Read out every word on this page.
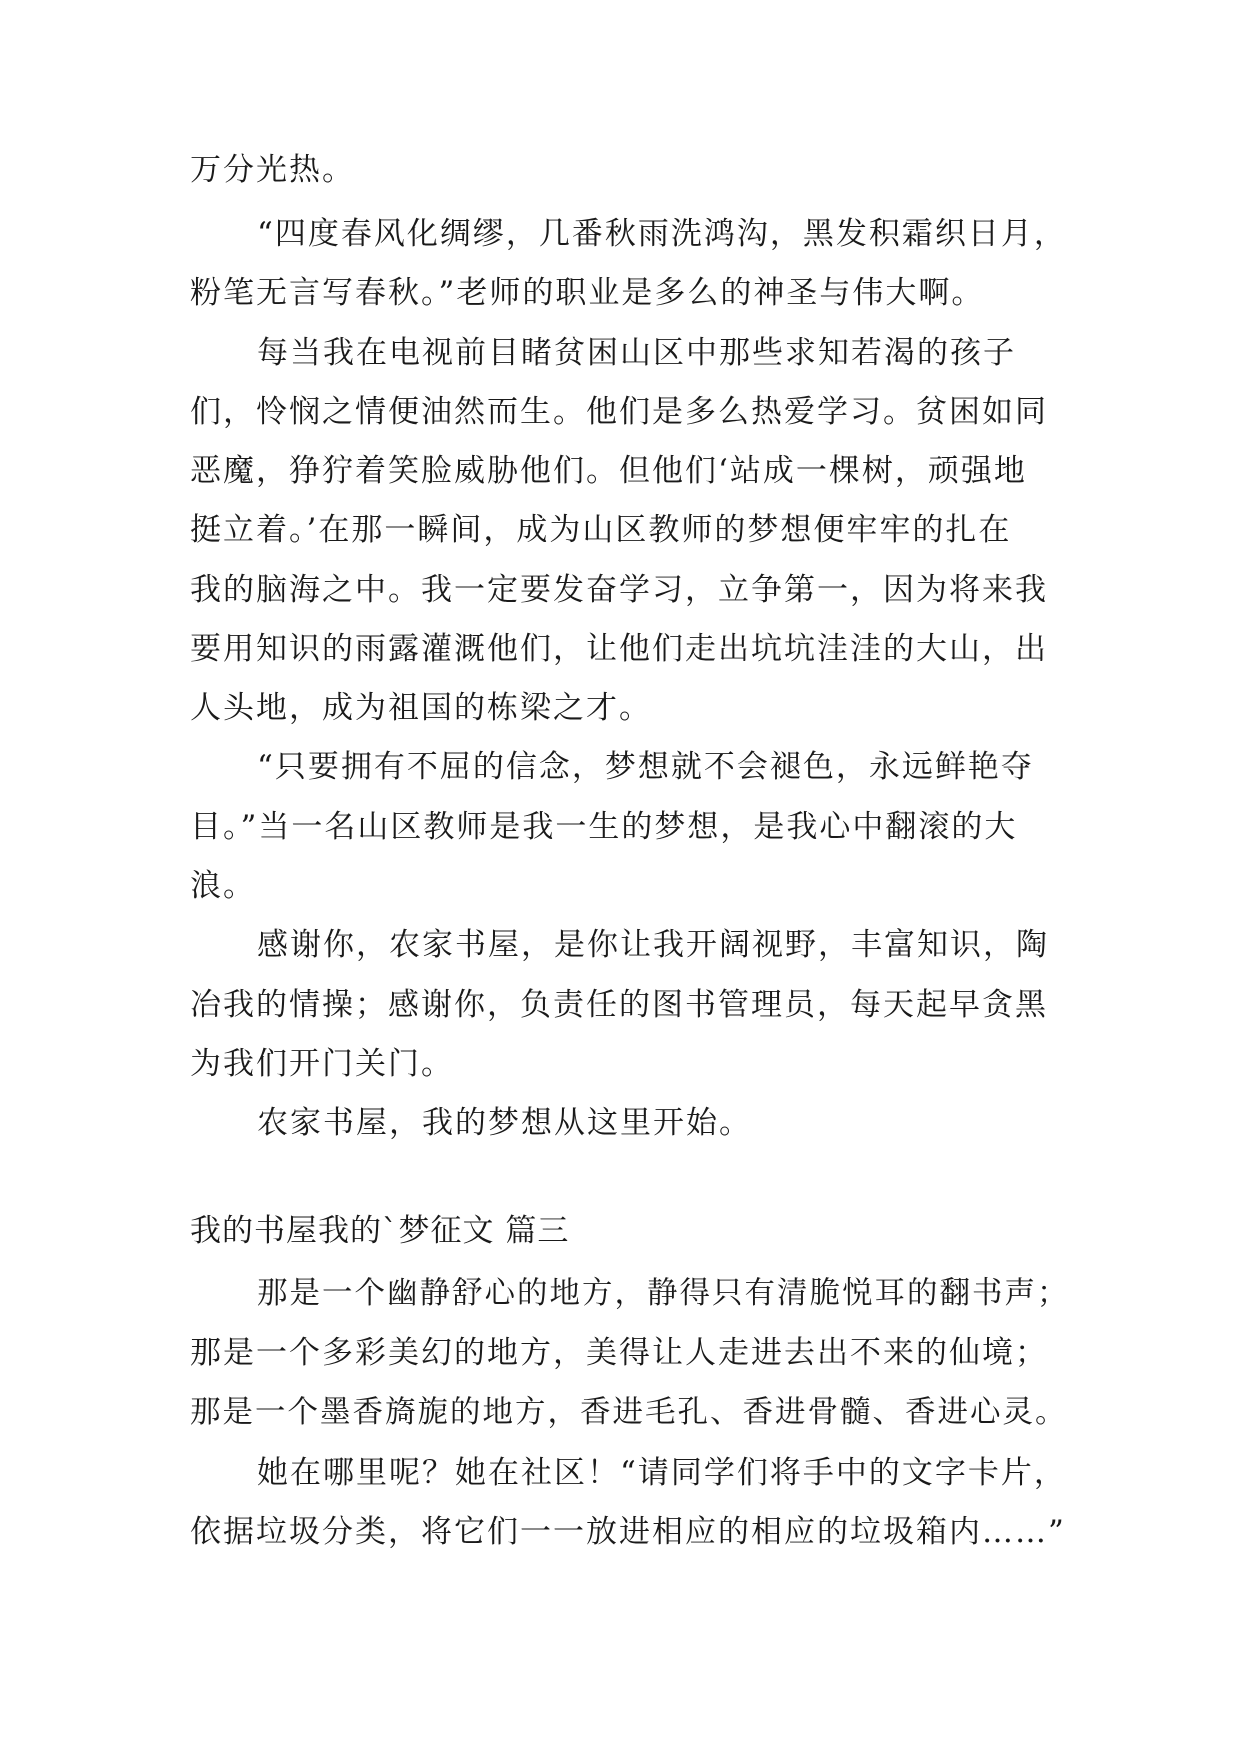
万分光热。
“四度春风化绸缪，几番秋雨洗鸿沟，黑发积霜织日月，
粉笔无言写春秋。”老师的职业是多么的神圣与伟大啊。
每当我在电视前目睹贫困山区中那些求知若渴的孩子
们，怜悯之情便油然而生。他们是多么热爱学习。贫困如同
恶魔，狰狞着笑脸威胁他们。但他们‘站成一棵树，顽强地
挺立着。’在那一瞬间，成为山区教师的梦想便牢牢的扎在
我的脑海之中。我一定要发奋学习，立争第一，因为将来我
要用知识的雨露灌溉他们，让他们走出坑坑洼洼的大山，出
人头地，成为祖国的栋梁之才。
“只要拥有不屈的信念，梦想就不会褪色，永远鲜艳夺
目。”当一名山区教师是我一生的梦想，是我心中翻滚的大
浪。
感谢你，农家书屋，是你让我开阔视野，丰富知识，陶
冶我的情操；感谢你，负责任的图书管理员，每天起早贪黑
为我们开门关门。
农家书屋，我的梦想从这里开始。
我的书屋我的`梦征文 篇三
那是一个幽静舒心的地方，静得只有清脆悦耳的翻书声；
那是一个多彩美幻的地方，美得让人走进去出不来的仙境；
那是一个墨香旖旎的地方，香进毛孔、香进骨髓、香进心灵。
她在哪里呢？她在社区！“请同学们将手中的文字卡片，
依据垃圾分类，将它们一一放进相应的相应的垃圾箱内……”
